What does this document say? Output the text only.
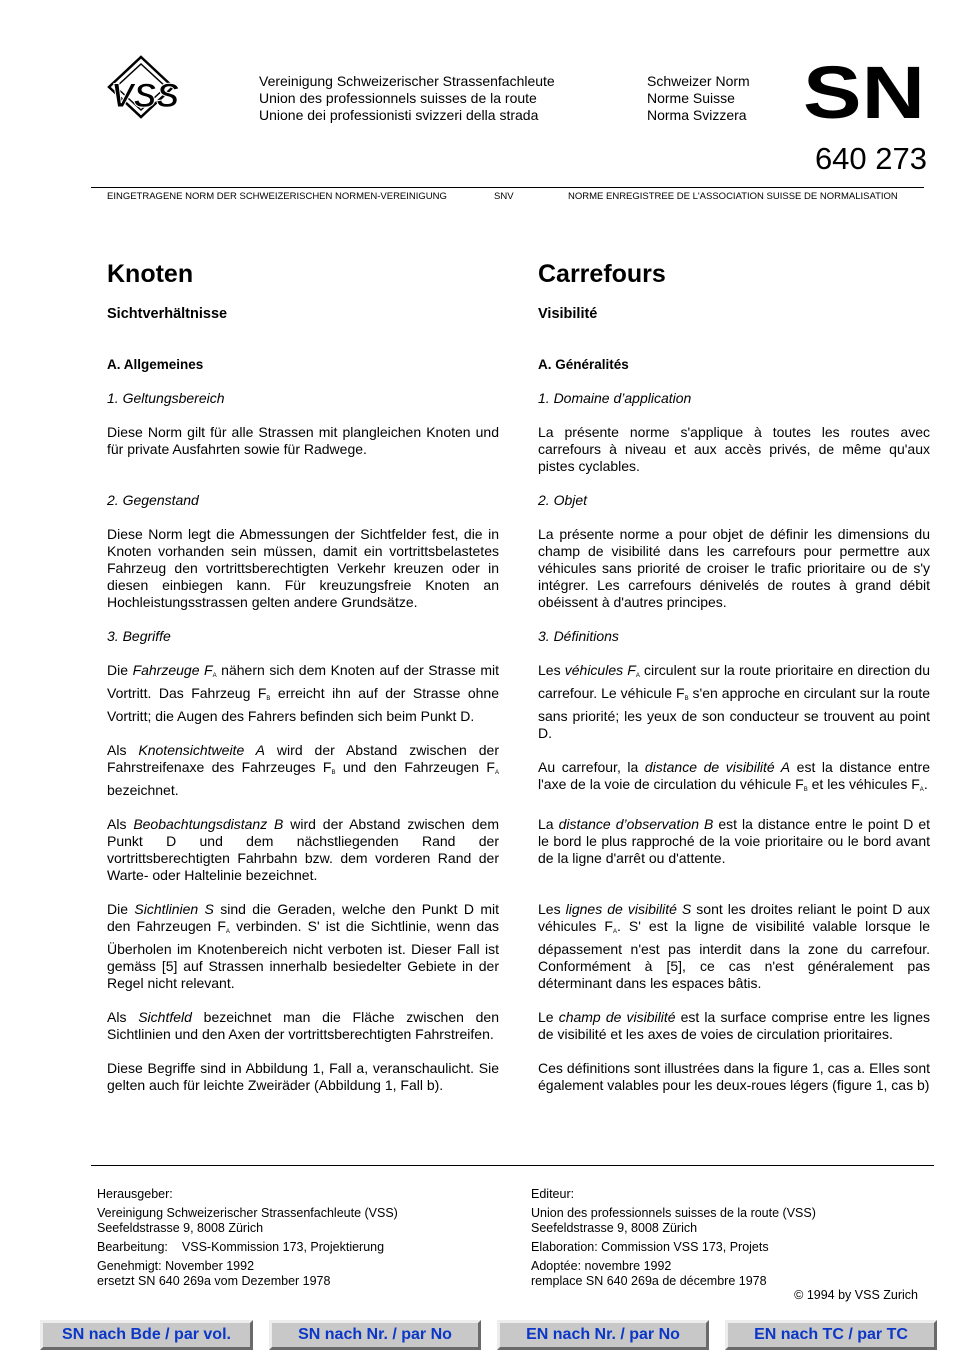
VSS	Vereinigung Schweizerischer Strassenfachleute
Union des professionnels suisses de la route
Unione dei professionisti svizzeri della strada
Schweizer Norm
Norme Suisse
Norma Svizzera SN
640 273
EINGETRAGENE NORM DER SCHWEIZERISCHEN NORMEN-VEREINIGUNG	SNV	NORME ENREGISTREE DE L'ASSOCIATION SUISSE DE NORMALISATION
Knoten
Sichtverhältnisse
A. Allgemeines

1. Geltungsbereich

Diese Norm gilt für alle Strassen mit plangleichen Knoten und für private Ausfahrten sowie für Radwege.

2. Gegenstand

Diese Norm legt die Abmessungen der Sichtfelder fest, die in Knoten vorhanden sein müssen, damit ein vortrittsbelastetes Fahrzeug den vortrittsberechtigten Verkehr kreuzen oder in diesen einbiegen kann. Für kreuzungsfreie Knoten an Hochleistungsstrassen gelten andere Grundsätze.

3. Begriffe

Die Fahrzeuge $F_A$ nähern sich dem Knoten auf der Strasse mit Vortritt. Das Fahrzeug $F_B$ erreicht ihn auf der Strasse ohne Vortritt; die Augen des Fahrers befinden sich beim Punkt D.

Als Knotensichtweite A wird der Abstand zwischen der Fahrstreifenaxe des Fahrzeuges $F_B$ und den Fahrzeugen $F_A$ bezeichnet.

Als Beobachtungsdistanz B wird der Abstand zwischen dem Punkt D und dem nächstliegenden Rand der vortrittsberechtigten Fahrbahn bzw. dem vorderen Rand der Warte- oder Haltelinie bezeichnet.

Die Sichtlinien S sind die Geraden, welche den Punkt D mit den Fahrzeugen $F_A$ verbinden. S' ist die Sichtlinie, wenn das Überholen im Knotenbereich nicht verboten ist. Dieser Fall ist gemäss [5] auf Strassen innerhalb besiedelter Gebiete in der Regel nicht relevant.

Als Sichtfeld bezeichnet man die Fläche zwischen den Sichtlinien und den Axen der vortrittsberechtigten Fahrstreifen.

Diese Begriffe sind in Abbildung 1, Fall a, veranschaulicht. Sie gelten auch für leichte Zweiräder (Abbildung 1, Fall b).

Carrefours
Visibilité
A. Généralités

1. Domaine d’application

La présente norme s'applique à toutes les routes avec carrefours à niveau et aux accès privés, de même qu'aux pistes cyclables.

2. Objet

La présente norme a pour objet de définir les dimensions du champ de visibilité dans les carrefours pour permettre aux véhicules sans priorité de croiser le trafic prioritaire ou de s'y intégrer. Les carrefours dénivelés de routes à grand débit obéissent à d'autres principes.

3. Définitions

Les véhicules $F_A$ circulent sur la route prioritaire en direction du carrefour. Le véhicule $F_B$ s'en approche en circulant sur la route sans priorité; les yeux de son conducteur se trouvent au point D.

Au carrefour, la distance de visibilité A est la distance entre l'axe de la voie de circulation du véhicule $F_B$ et les véhicules $F_A$.

La distance d’observation B est la distance entre le point D et le bord le plus rapproché de la voie prioritaire ou le bord avant de la ligne d'arrêt ou d'attente.

Les lignes de visibilité S sont les droites reliant le point D aux véhicules $F_A$. S' est la ligne de visibilité valable lorsque le dépassement n'est pas interdit dans la zone du carrefour. Conformément à [5], ce cas n'est généralement pas déterminant dans les espaces bâtis.

Le champ de visibilité est la surface comprise entre les lignes de visibilité et les axes de voies de circulation prioritaires.

Ces définitions sont illustrées dans la figure 1, cas a. Elles sont également valables pour les deux-roues légers (figure 1, cas b)

Herausgeber:
Vereinigung Schweizerischer Strassenfachleute (VSS)
Seefeldstrasse 9, 8008 Zürich
Bearbeitung: VSS-Kommission 173, Projektierung
Genehmigt: November 1992
ersetzt SN 640 269a vom Dezember 1978
Editeur:
Union des professionnels suisses de la route (VSS)
Seefeldstrasse 9, 8008 Zürich
Elaboration: Commission VSS 173, Projets
Adoptée: novembre 1992
remplace SN 640 269a de décembre 1978
© 1994 by VSS Zurich
SN nach Bde / par vol.	SN nach Nr. / par No	EN nach Nr. / par No	EN nach TC / par TC
